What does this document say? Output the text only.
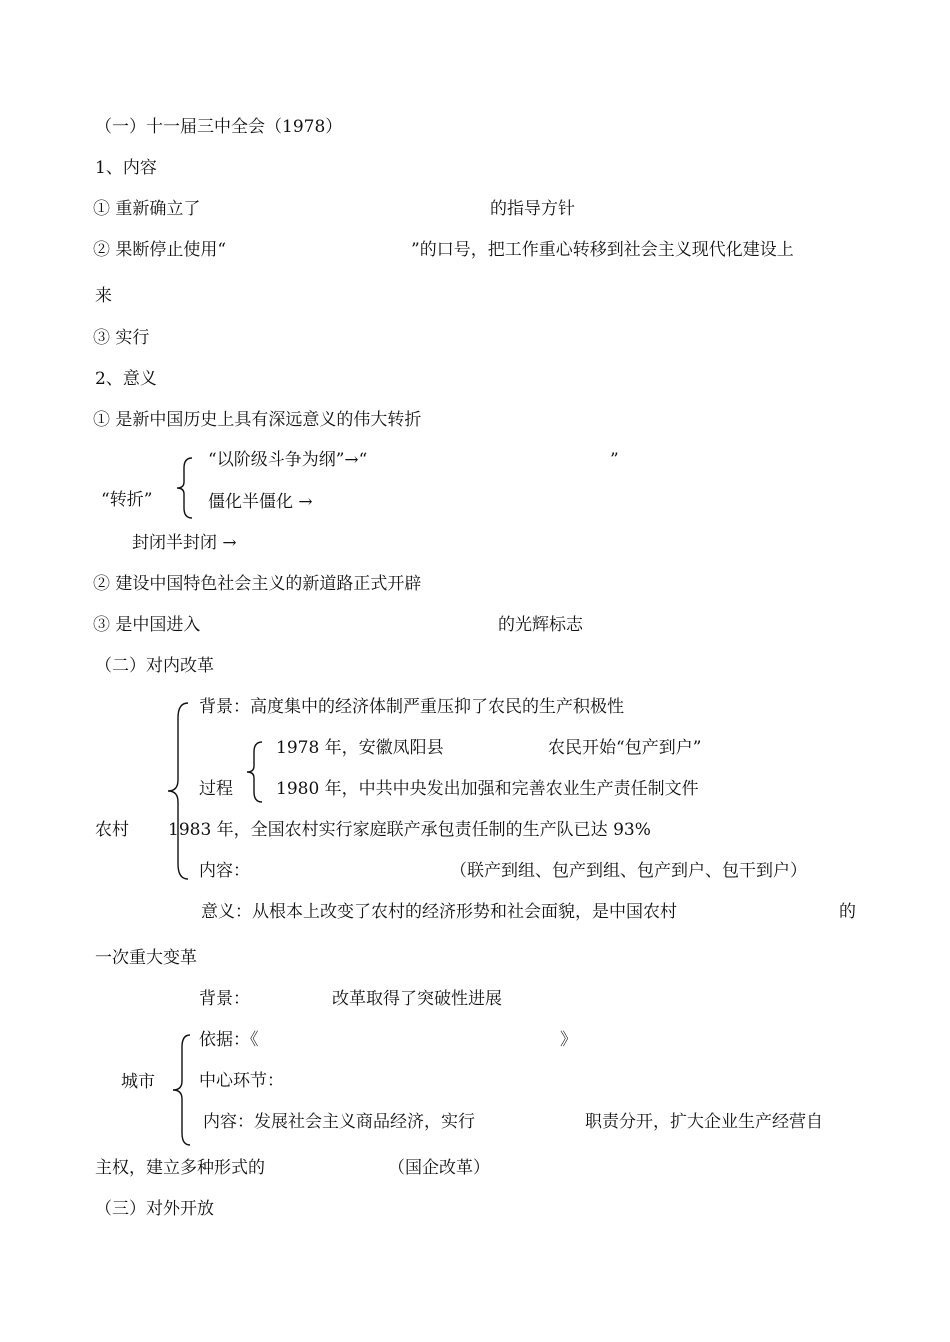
（一）十一届三中全会（1978）
1、内容
① 重新确立了	的指导方针
② 果断停止使用“	”的口号，把工作重心转移到社会主义现代化建设上
来
③ 实行
2、意义
① 是新中国历史上具有深远意义的伟大转折
“转折”
“以阶级斗争为纲”→“	”
僵化半僵化 →
封闭半封闭 →
② 建设中国特色社会主义的新道路正式开辟
③ 是中国进入	的光辉标志
（二）对内改革
农村
背景：高度集中的经济体制严重压抑了农民的生产积极性
过程
1978 年，安徽凤阳县	农民开始“包产到户”
1980 年，中共中央发出加强和完善农业生产责任制文件
1983 年，全国农村实行家庭联产承包责任制的生产队已达 93%
内容：	（联产到组、包产到组、包产到户、包干到户）
意义：从根本上改变了农村的经济形势和社会面貌，是中国农村	的
一次重大变革
背景：	改革取得了突破性进展
城市
依据：《	》
中心环节：
内容：发展社会主义商品经济，实行	职责分开，扩大企业生产经营自
主权，建立多种形式的	（国企改革）
（三）对外开放
